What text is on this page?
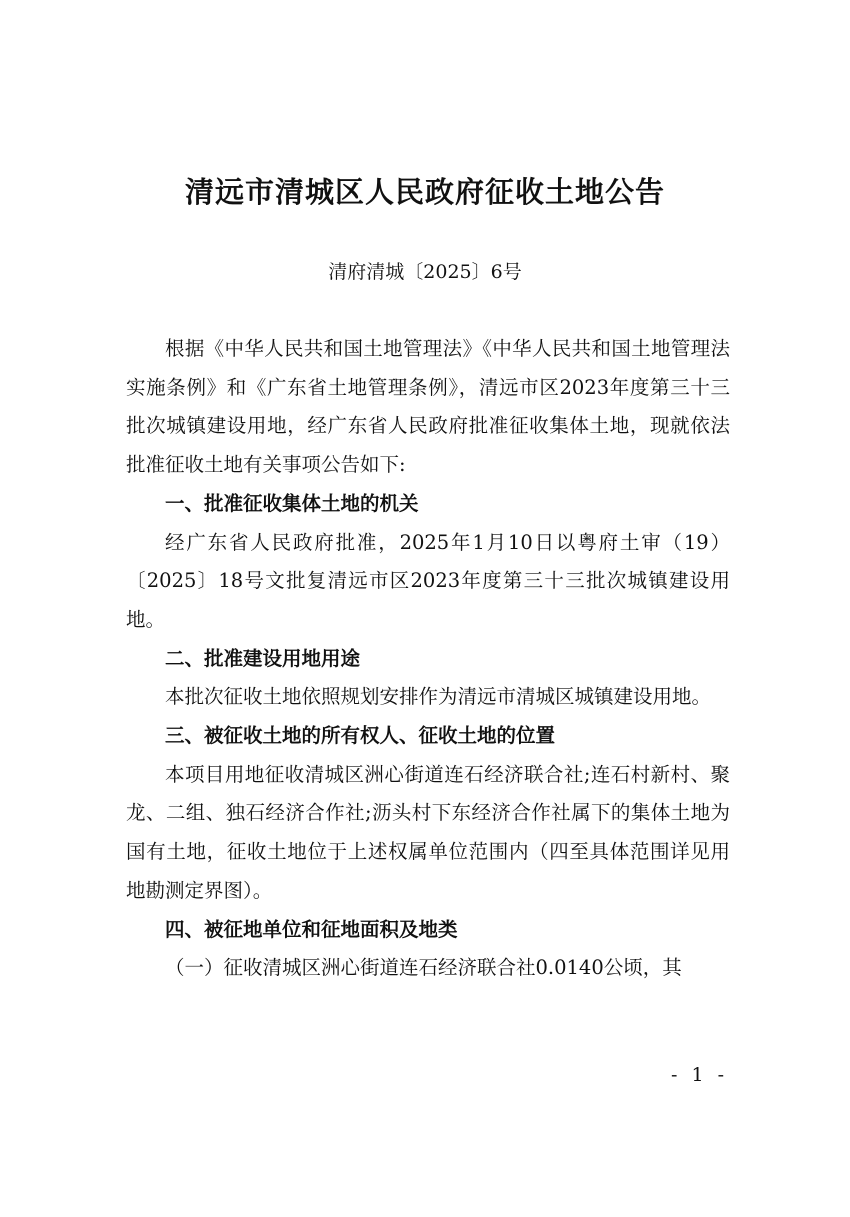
清远市清城区人民政府征收土地公告
清府清城〔2025〕6号

根据《中华人民共和国土地管理法》《中华人民共和国土地管理法实施条例》和《广东省土地管理条例》，清远市区2023年度第三十三批次城镇建设用地，经广东省人民政府批准征收集体土地，现就依法批准征收土地有关事项公告如下:

一、批准征收集体土地的机关

经广东省人民政府批准，2025年1月10日以粤府土审（19）〔2025〕18号文批复清远市区2023年度第三十三批次城镇建设用地。

二、批准建设用地用途

本批次征收土地依照规划安排作为清远市清城区城镇建设用地。

三、被征收土地的所有权人、征收土地的位置

本项目用地征收清城区洲心街道连石经济联合社;连石村新村、聚龙、二组、独石经济合作社;沥头村下东经济合作社属下的集体土地为国有土地，征收土地位于上述权属单位范围内（四至具体范围详见用地勘测定界图）。

四、被征地单位和征地面积及地类

（一）征收清城区洲心街道连石经济联合社0.0140公顷，其

- 1 -
